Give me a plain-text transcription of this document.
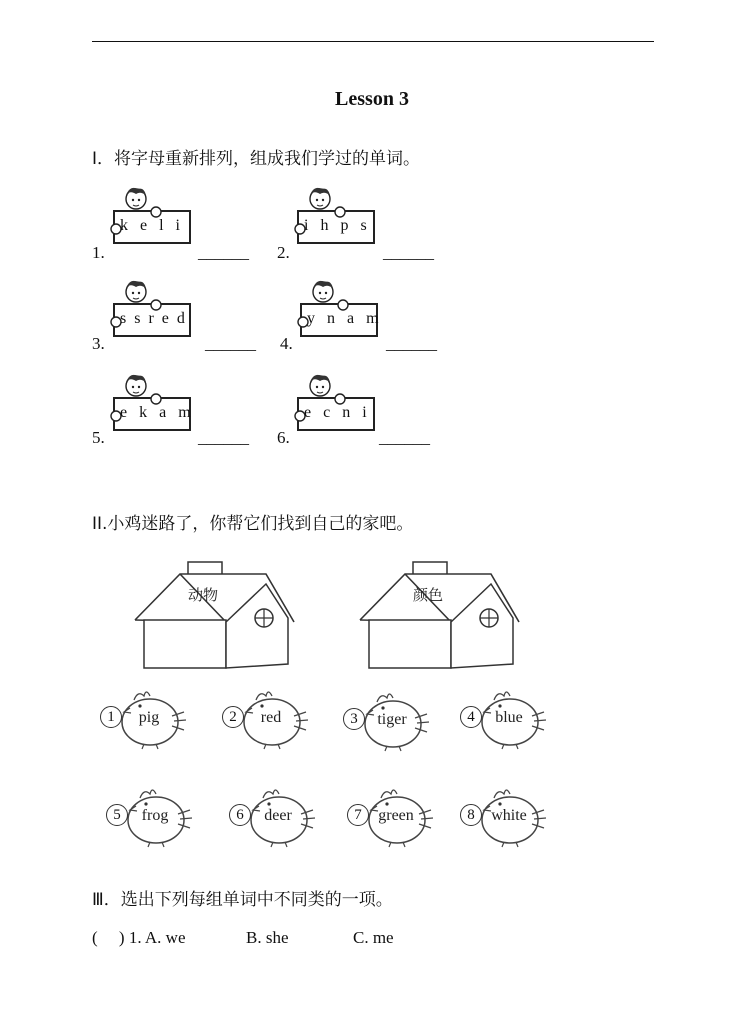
Lesson 3
I．将字母重新排列，组成我们学过的单词。
1.
k e l i
______ 2.
i h p s
______
3.
s s r e d
______ 4.
y n a m
______
5.
e k a m
______ 6.
e c n i
______
II.小鸡迷路了，你帮它们找到自己的家吧。
动物	颜色
1	pig	2	red	3	tiger	4	blue
5	frog	6	deer	7	green	8	white
Ⅲ．选出下列每组单词中不同类的一项。
(     ) 1. A. we	B. she	C. me
